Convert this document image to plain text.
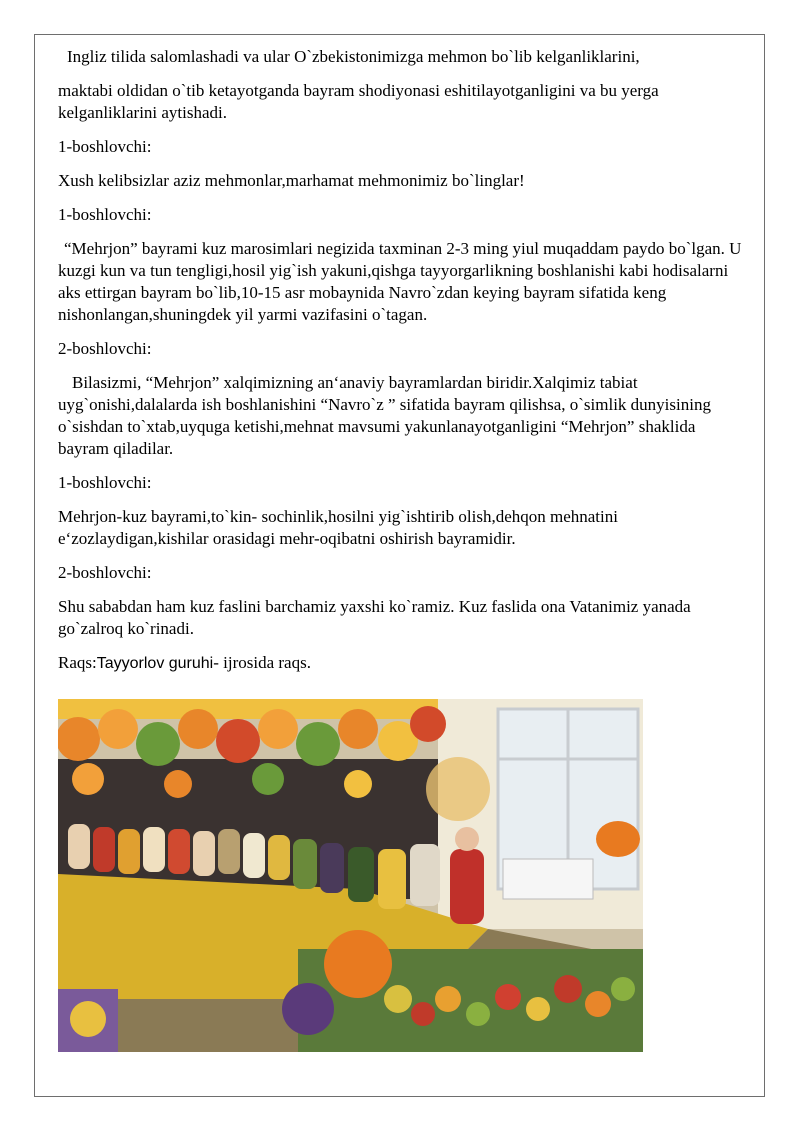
Ingliz tilida salomlashadi va ular O`zbekistonimizga mehmon bo`lib kelganliklarini,

maktabi oldidan o`tib ketayotganda bayram shodiyonasi eshitilayotganligini va bu yerga kelganliklarini aytishadi.

1-boshlovchi:

Xush kelibsizlar aziz mehmonlar,marhamat mehmonimiz bo`linglar!

1-boshlovchi:

“Mehrjon” bayrami kuz marosimlari negizida taxminan 2-3 ming yiul muqaddam paydo bo`lgan. U kuzgi kun va tun tengligi,hosil yig`ish yakuni,qishga tayyorgarlikning boshlanishi kabi hodisalarni aks ettirgan bayram bo`lib,10-15 asr mobaynida Navro`zdan keying bayram sifatida keng nishonlangan,shuningdek yil yarmi vazifasini o`tagan.

2-boshlovchi:

Bilasizmi, “Mehrjon” xalqimizning an‘anaviy bayramlardan biridir.Xalqimiz tabiat uyg`onishi,dalalarda ish boshlanishini “Navro`z ” sifatida bayram qilishsa, o`simlik dunyisining o`sishdan to`xtab,uyquga ketishi,mehnat mavsumi yakunlanayotganligini “Mehrjon” shaklida bayram qiladilar.

1-boshlovchi:

Mehrjon-kuz bayrami,to`kin- sochinlik,hosilni yig`ishtirib olish,dehqon mehnatini e‘zozlaydigan,kishilar orasidagi mehr-oqibatni oshirish bayramidir.

2-boshlovchi:

Shu sababdan ham kuz faslini barchamiz yaxshi ko`ramiz. Kuz faslida ona Vatanimiz yanada go`zalroq ko`rinadi.

Raqs:Tayyorlov guruhi- ijrosida raqs.
